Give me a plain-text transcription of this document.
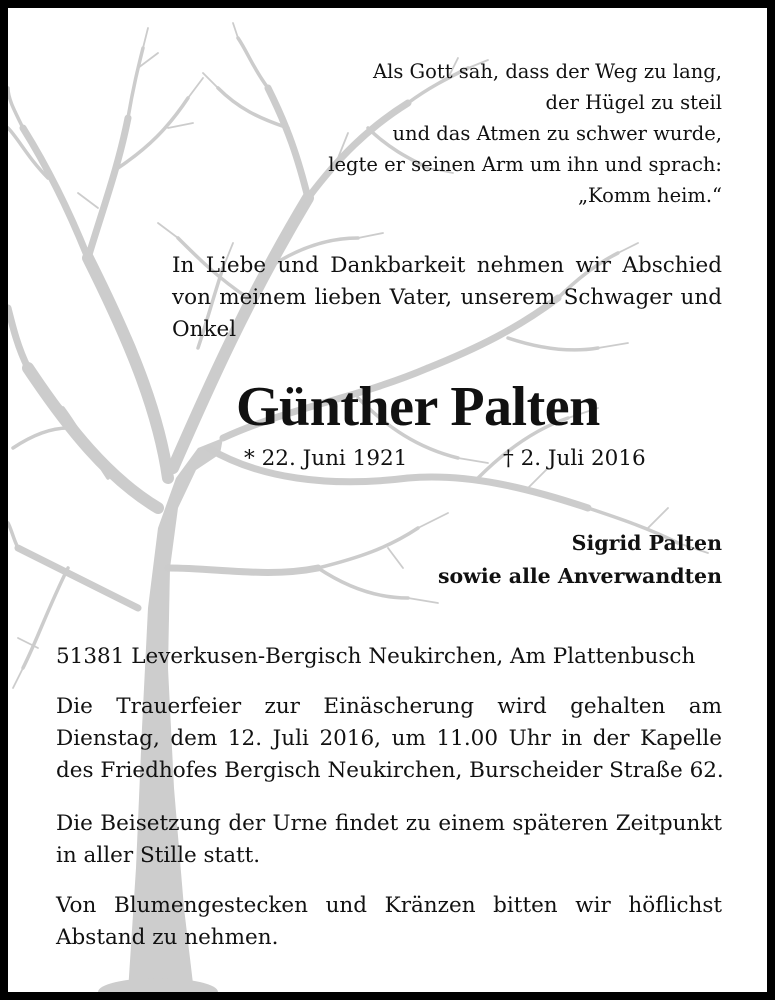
Als Gott sah, dass der Weg zu lang,
der Hügel zu steil
und das Atmen zu schwer wurde,
legte er seinen Arm um ihn und sprach:
„Komm heim.“
In Liebe und Dankbarkeit nehmen wir Abschied
von meinem lieben Vater, unserem Schwager und
Onkel
Günther Palten
* 22. Juni 1921	† 2. Juli 2016
Sigrid Palten
sowie alle Anverwandten
51381 Leverkusen-Bergisch Neukirchen, Am Plattenbusch
Die Trauerfeier zur Einäscherung wird gehalten am
Dienstag, dem 12. Juli 2016, um 11.00 Uhr in der Kapelle
des Friedhofes Bergisch Neukirchen, Burscheider Straße 62.
Die Beisetzung der Urne findet zu einem späteren Zeitpunkt
in aller Stille statt.
Von Blumengestecken und Kränzen bitten wir höflichst
Abstand zu nehmen.
